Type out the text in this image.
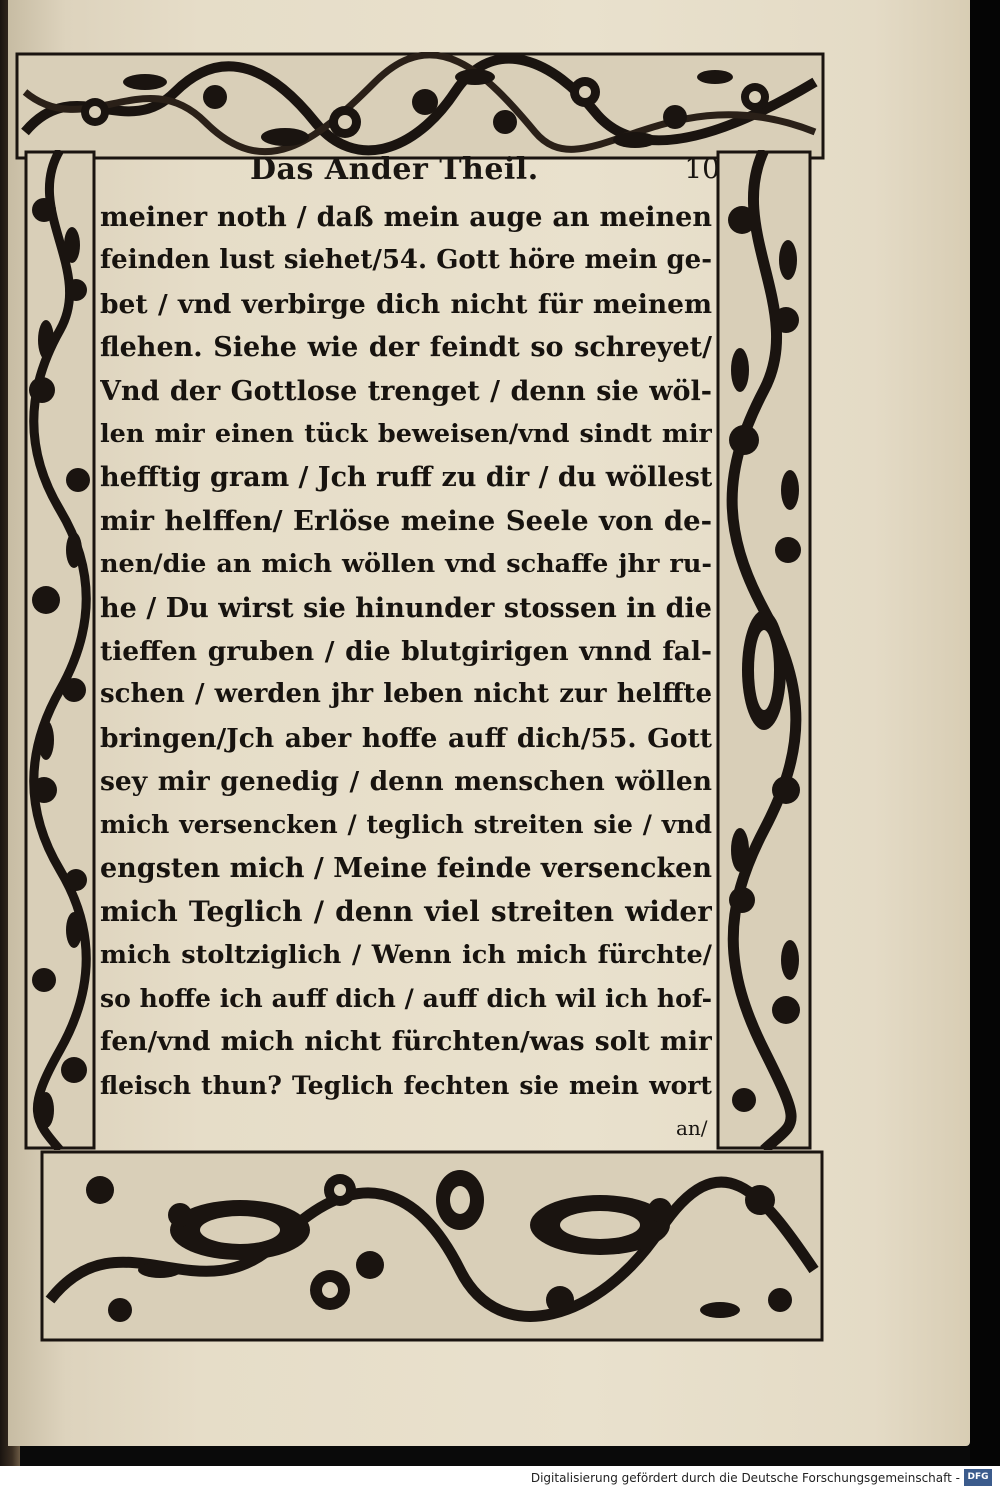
Das Ander Theil.	10
meiner noth / daß mein auge an meinen
feinden lust siehet/54. Gott höre mein ge-
bet / vnd verbirge dich nicht für meinem
flehen. Siehe wie der feindt so schreyet/
Vnd der Gottlose trenget / denn sie wöl-
len mir einen tück beweisen/vnd sindt mir
hefftig gram / Jch ruff zu dir / du wöllest
mir helffen/ Erlöse meine Seele von de-
nen/die an mich wöllen vnd schaffe jhr ru-
he / Du wirst sie hinunder stossen in die
tieffen gruben / die blutgirigen vnnd fal-
schen / werden jhr leben nicht zur helffte
bringen/Jch aber hoffe auff dich/55. Gott
sey mir genedig / denn menschen wöllen
mich versencken / teglich streiten sie / vnd
engsten mich / Meine feinde versencken
mich Teglich / denn viel streiten wider
mich stoltziglich / Wenn ich mich fürchte/
so hoffe ich auff dich / auff dich wil ich hof-
fen/vnd mich nicht fürchten/was solt mir
fleisch thun? Teglich fechten sie mein wort
an/
Digitalisierung gefördert durch die Deutsche Forschungsgemeinschaft - DFG
